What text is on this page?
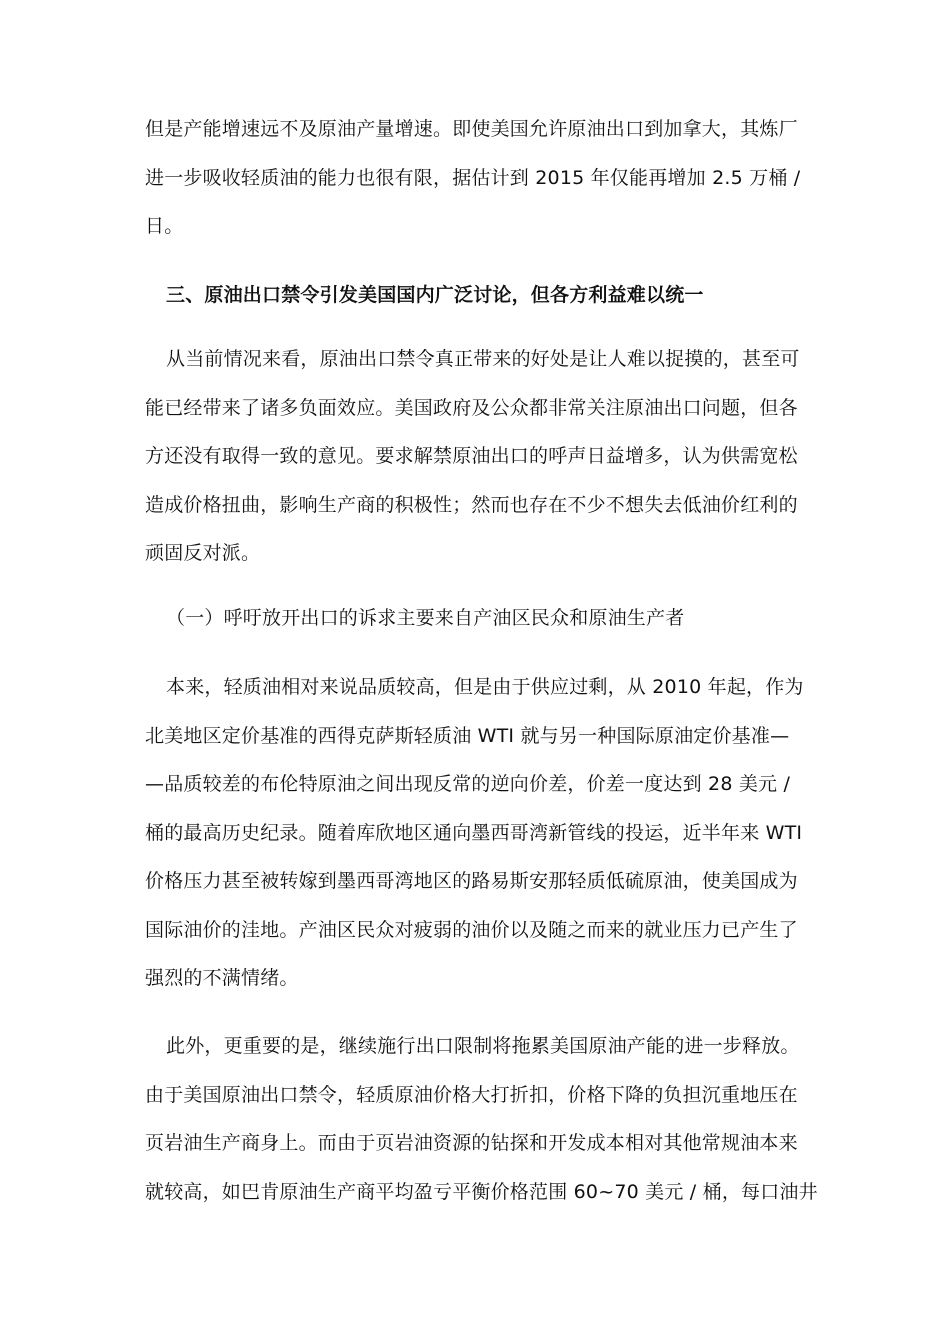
但是产能增速远不及原油产量增速。即使美国允许原油出口到加拿大，其炼厂
进一步吸收轻质油的能力也很有限，据估计到 2015 年仅能再增加 2.5 万桶 /
日。
三、原油出口禁令引发美国国内广泛讨论，但各方利益难以统一
从当前情况来看，原油出口禁令真正带来的好处是让人难以捉摸的，甚至可
能已经带来了诸多负面效应。美国政府及公众都非常关注原油出口问题，但各
方还没有取得一致的意见。要求解禁原油出口的呼声日益增多，认为供需宽松
造成价格扭曲，影响生产商的积极性；然而也存在不少不想失去低油价红利的
顽固反对派。
（一）呼吁放开出口的诉求主要来自产油区民众和原油生产者
本来，轻质油相对来说品质较高，但是由于供应过剩，从 2010 年起，作为
北美地区定价基准的西得克萨斯轻质油 WTI 就与另一种国际原油定价基准—
—品质较差的布伦特原油之间出现反常的逆向价差，价差一度达到 28 美元 /
桶的最高历史纪录。随着库欣地区通向墨西哥湾新管线的投运，近半年来 WTI
价格压力甚至被转嫁到墨西哥湾地区的路易斯安那轻质低硫原油，使美国成为
国际油价的洼地。产油区民众对疲弱的油价以及随之而来的就业压力已产生了
强烈的不满情绪。
此外，更重要的是，继续施行出口限制将拖累美国原油产能的进一步释放。
由于美国原油出口禁令，轻质原油价格大打折扣，价格下降的负担沉重地压在
页岩油生产商身上。而由于页岩油资源的钻探和开发成本相对其他常规油本来
就较高，如巴肯原油生产商平均盈亏平衡价格范围 60~70 美元 / 桶，每口油井
